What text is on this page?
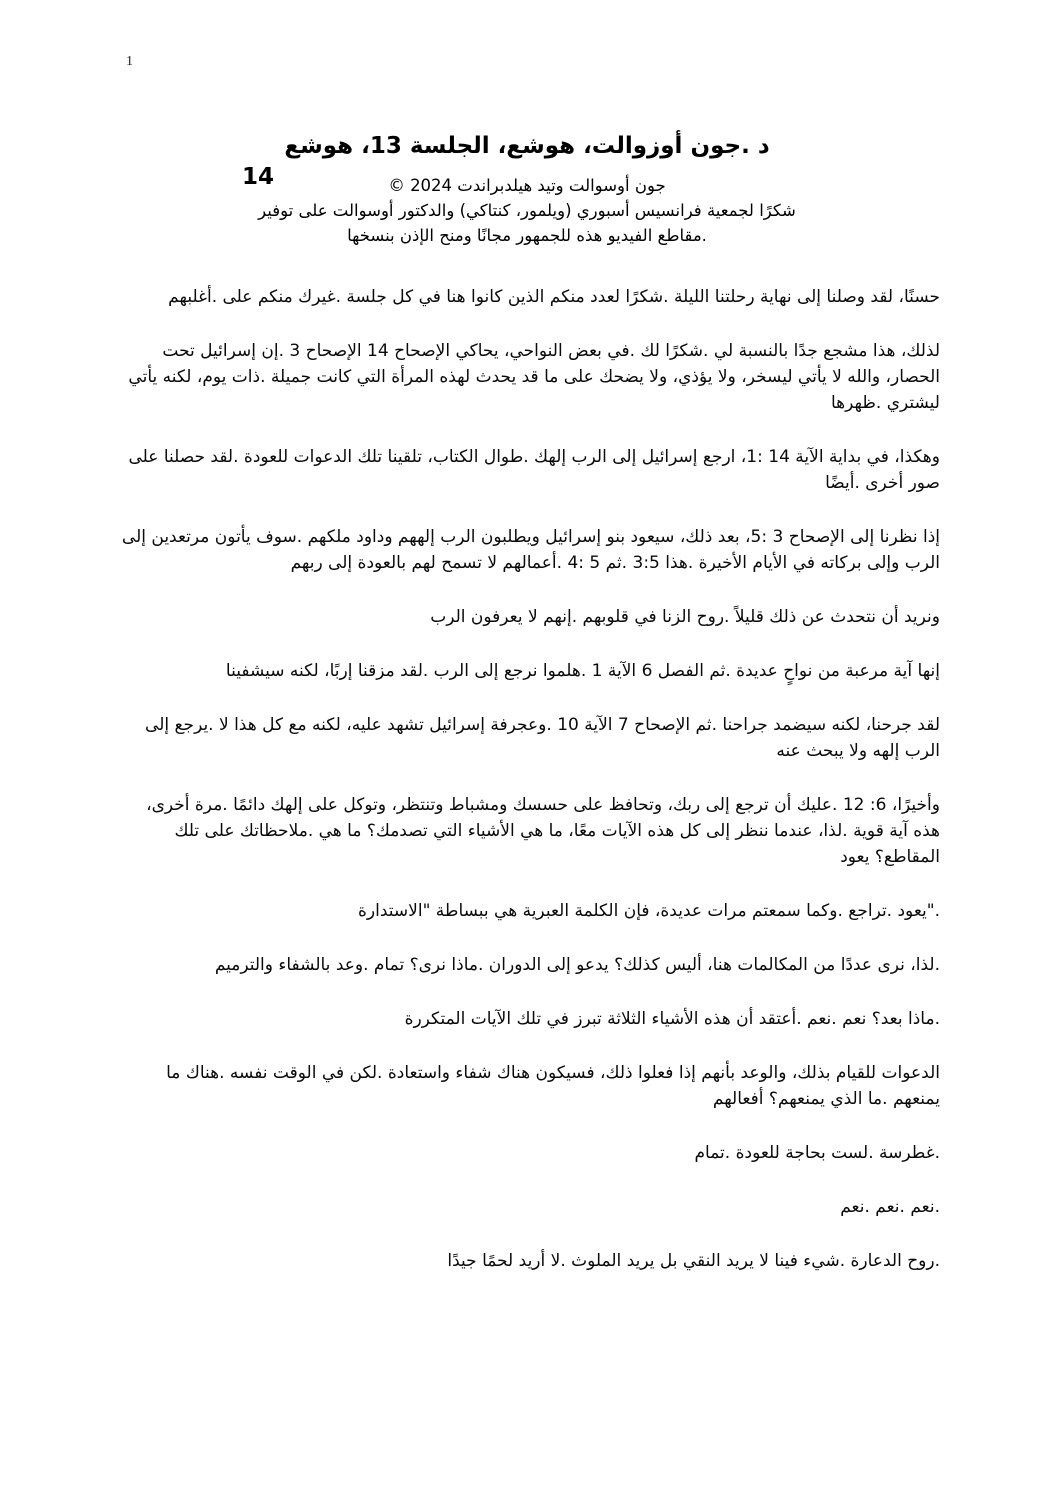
1
د .جون أوزوالت، هوشع، الجلسة 13، هوشع
14	جون أوسوالت وتيد هيلدبراندت 2024 ©
شكرًا لجمعية فرانسيس أسبوري (ويلمور، كنتاكي) والدكتور أوسوالت على توفير
.مقاطع الفيديو هذه للجمهور مجانًا ومنح الإذن بنسخها

حسنًا، لقد وصلنا إلى نهاية رحلتنا الليلة .شكرًا لعدد منكم الذين كانوا هنا في كل جلسة .غيرك منكم على .أغلبهم

لذلك، هذا مشجع جدًا بالنسبة لي .شكرًا لك .في بعض النواحي، يحاكي الإصحاح 14 الإصحاح 3 .إن إسرائيل تحت الحصار، والله لا يأتي ليسخر، ولا يؤذي، ولا يضحك على ما قد يحدث لهذه المرأة التي كانت جميلة .ذات يوم، لكنه يأتي ليشتري .ظهرها

وهكذا، في بداية الآية 14 :1، ارجع إسرائيل إلى الرب إلهك .طوال الكتاب، تلقينا تلك الدعوات للعودة .لقد حصلنا على صور أخرى .أيضًا

إذا نظرنا إلى الإصحاح 3 :5، بعد ذلك، سيعود بنو إسرائيل ويطلبون الرب إلههم وداود ملكهم .سوف يأتون مرتعدين إلى الرب وإلى بركاته في الأيام الأخيرة .هذا 3:5 .ثم 5 :4 .أعمالهم لا تسمح لهم بالعودة إلى ربهم

ونريد أن نتحدث عن ذلك قليلاً .روح الزنا في قلوبهم .إنهم لا يعرفون الرب

إنها آية مرعبة من نواحٍ عديدة .ثم الفصل 6 الآية 1 .هلموا نرجع إلى الرب .لقد مزقنا إربًا، لكنه سيشفينا

لقد جرحنا، لكنه سيضمد جراحنا .ثم الإصحاح 7 الآية 10 .وعجرفة إسرائيل تشهد عليه، لكنه مع كل هذا لا .يرجع إلى الرب إلهه ولا يبحث عنه

وأخيرًا، 6: 12 .عليك أن ترجع إلى ربك، وتحافظ على حسسك ومشباط وتنتظر، وتوكل على إلهك دائمًا .مرة أخرى، هذه آية قوية .لذا، عندما ننظر إلى كل هذه الآيات معًا، ما هي الأشياء التي تصدمك؟ ما هي .ملاحظاتك على تلك المقاطع؟ يعود

."يعود .تراجع .وكما سمعتم مرات عديدة، فإن الكلمة العبرية هي ببساطة "الاستدارة

.لذا، نرى عددًا من المكالمات هنا، أليس كذلك؟ يدعو إلى الدوران .ماذا نرى؟ تمام .وعد بالشفاء والترميم

.ماذا بعد؟ نعم .نعم .أعتقد أن هذه الأشياء الثلاثة تبرز في تلك الآيات المتكررة

الدعوات للقيام بذلك، والوعد بأنهم إذا فعلوا ذلك، فسيكون هناك شفاء واستعادة .لكن في الوقت نفسه .هناك ما يمنعهم .ما الذي يمنعهم؟ أفعالهم

.غطرسة .لست بحاجة للعودة .تمام

.نعم .نعم .نعم

.روح الدعارة .شيء فينا لا يريد النقي بل يريد الملوث .لا أريد لحمًا جيدًا
